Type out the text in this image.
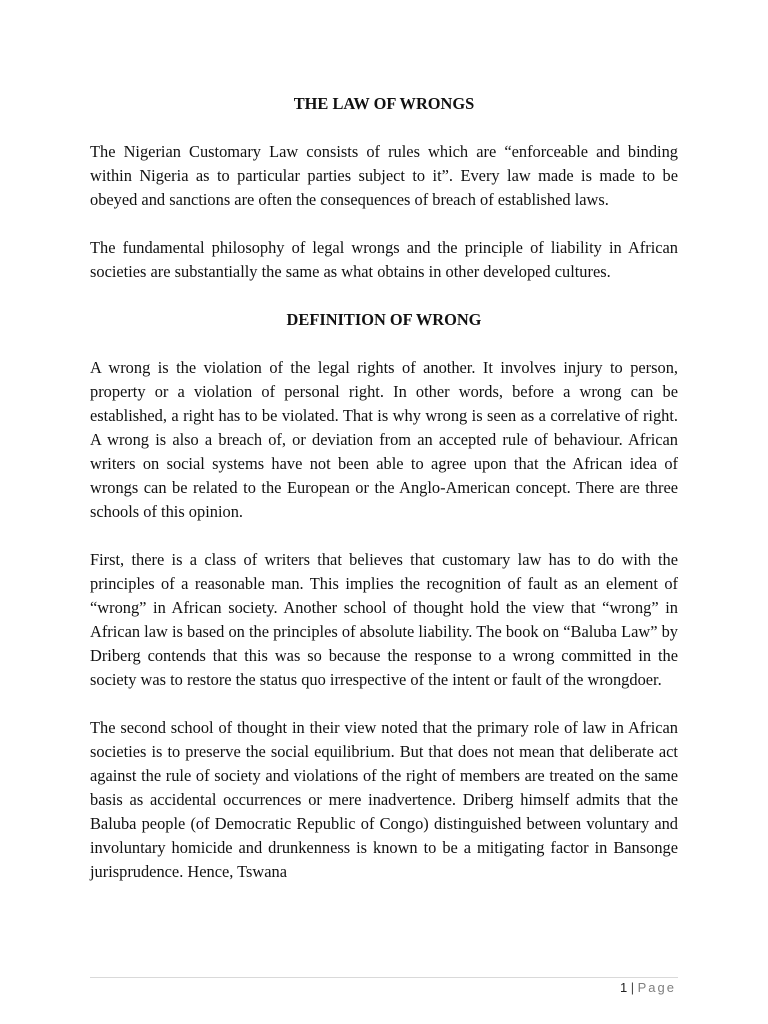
THE LAW OF WRONGS

The Nigerian Customary Law consists of rules which are “enforceable and binding within Nigeria as to particular parties subject to it”. Every law made is made to be obeyed and sanctions are often the consequences of breach of established laws.

The fundamental philosophy of legal wrongs and the principle of liability in African societies are substantially the same as what obtains in other developed cultures.

DEFINITION OF WRONG

A wrong is the violation of the legal rights of another. It involves injury to person, property or a violation of personal right. In other words, before a wrong can be established, a right has to be violated. That is why wrong is seen as a correlative of right. A wrong is also a breach of, or deviation from an accepted rule of behaviour. African writers on social systems have not been able to agree upon that the African idea of wrongs can be related to the European or the Anglo-American concept. There are three schools of this opinion.

First, there is a class of writers that believes that customary law has to do with the principles of a reasonable man. This implies the recognition of fault as an element of “wrong” in African society. Another school of thought hold the view that “wrong” in African law is based on the principles of absolute liability. The book on “Baluba Law” by Driberg contends that this was so because the response to a wrong committed in the society was to restore the status quo irrespective of the intent or fault of the wrongdoer.

The second school of thought in their view noted that the primary role of law in African societies is to preserve the social equilibrium. But that does not mean that deliberate act against the rule of society and violations of the right of members are treated on the same basis as accidental occurrences or mere inadvertence. Driberg himself admits that the Baluba people (of Democratic Republic of Congo) distinguished between voluntary and involuntary homicide and drunkenness is known to be a mitigating factor in Bansonge jurisprudence. Hence, Tswana

1 | Page
